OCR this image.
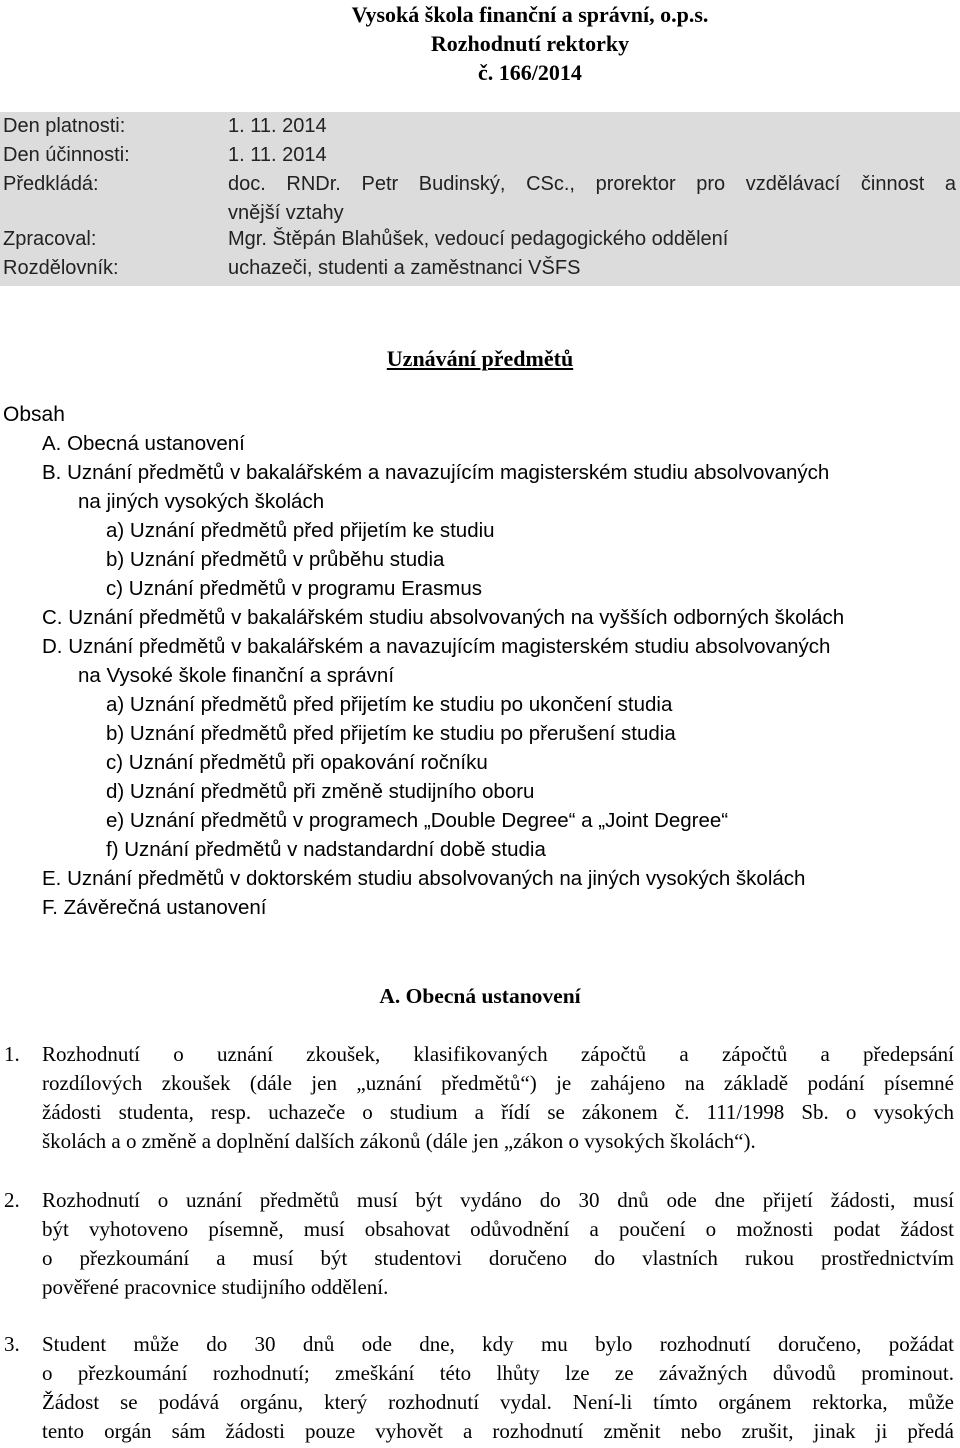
Vysoká škola finanční a správní, o.p.s.
Rozhodnutí rektorky
č. 166/2014
Den platnosti:	1. 11. 2014
Den účinnosti:	1. 11. 2014
Předkládá:	doc. RNDr. Petr Budinský, CSc., prorektor pro vzdělávací činnost a
vnější vztahy
Zpracoval:	Mgr. Štěpán Blahůšek, vedoucí pedagogického oddělení
Rozdělovník:	uchazeči, studenti a zaměstnanci VŠFS
Uznávání předmětů
Obsah
A. Obecná ustanovení
B. Uznání předmětů v bakalářském a navazujícím magisterském studiu absolvovaných
na jiných vysokých školách
a) Uznání předmětů před přijetím ke studiu
b) Uznání předmětů v průběhu studia
c) Uznání předmětů v programu Erasmus
C. Uznání předmětů v bakalářském studiu absolvovaných na vyšších odborných školách
D. Uznání předmětů v bakalářském a navazujícím magisterském studiu absolvovaných
na Vysoké škole finanční a správní
a) Uznání předmětů před přijetím ke studiu po ukončení studia
b) Uznání předmětů před přijetím ke studiu po přerušení studia
c) Uznání předmětů při opakování ročníku
d) Uznání předmětů při změně studijního oboru
e) Uznání předmětů v programech „Double Degree“ a „Joint Degree“
f) Uznání předmětů v nadstandardní době studia
E. Uznání předmětů v doktorském studiu absolvovaných na jiných vysokých školách
F. Závěrečná ustanovení
A. Obecná ustanovení
1. Rozhodnutí o uznání zkoušek, klasifikovaných zápočtů a zápočtů a předepsání
rozdílových zkoušek (dále jen „uznání předmětů“) je zahájeno na základě podání písemné
žádosti studenta, resp. uchazeče o studium a řídí se zákonem č. 111/1998 Sb. o vysokých
školách a o změně a doplnění dalších zákonů (dále jen „zákon o vysokých školách“).
2. Rozhodnutí o uznání předmětů musí být vydáno do 30 dnů ode dne přijetí žádosti, musí
být vyhotoveno písemně, musí obsahovat odůvodnění a poučení o možnosti podat žádost
o přezkoumání a musí být studentovi doručeno do vlastních rukou prostřednictvím
pověřené pracovnice studijního oddělení.
3. Student může do 30 dnů ode dne, kdy mu bylo rozhodnutí doručeno, požádat
o přezkoumání rozhodnutí; zmeškání této lhůty lze ze závažných důvodů prominout.
Žádost se podává orgánu, který rozhodnutí vydal. Není-li tímto orgánem rektorka, může
tento orgán sám žádosti pouze vyhovět a rozhodnutí změnit nebo zrušit, jinak ji předá
